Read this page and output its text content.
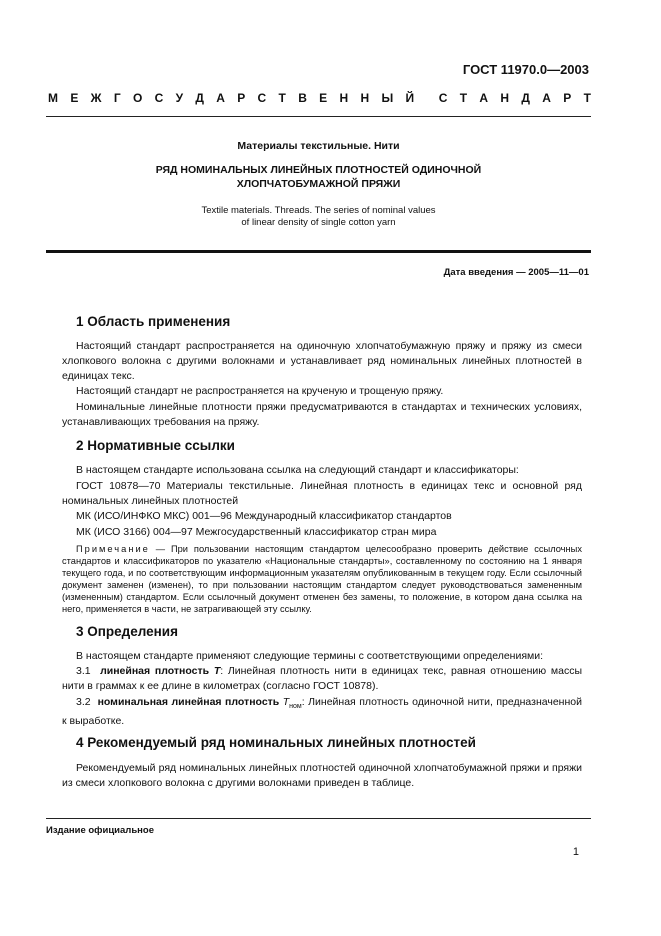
ГОСТ 11970.0—2003
М Е Ж Г О С У Д А Р С Т В Е Н Н Ы Й С Т А Н Д А Р Т
Материалы текстильные. Нити
РЯД НОМИНАЛЬНЫХ ЛИНЕЙНЫХ ПЛОТНОСТЕЙ ОДИНОЧНОЙ
ХЛОПЧАТОБУМАЖНОЙ ПРЯЖИ
Textile materials. Threads. The series of nominal values
of linear density of single cotton yarn
Дата введения — 2005—11—01
1 Область применения
Настоящий стандарт распространяется на одиночную хлопчатобумажную пряжу и пряжу из смеси хлопкового волокна с другими волокнами и устанавливает ряд номинальных линейных плотностей в единицах текс.
Настоящий стандарт не распространяется на крученую и трощеную пряжу.
Номинальные линейные плотности пряжи предусматриваются в стандартах и технических условиях, устанавливающих требования на пряжу.
2 Нормативные ссылки
В настоящем стандарте использована ссылка на следующий стандарт и классификаторы:
ГОСТ 10878—70 Материалы текстильные. Линейная плотность в единицах текс и основной ряд номинальных линейных плотностей
МК (ИСО/ИНФКО МКС) 001—96 Международный классификатор стандартов
МК (ИСО 3166) 004—97 Межгосударственный классификатор стран мира
Примечание — При пользовании настоящим стандартом целесообразно проверить действие ссылочных стандартов и классификаторов по указателю «Национальные стандарты», составленному по состоянию на 1 января текущего года, и по соответствующим информационным указателям опубликованным в текущем году. Если ссылочный документ заменен (изменен), то при пользовании настоящим стандартом следует руководствоваться замененным (измененным) стандартом. Если ссылочный документ отменен без замены, то положение, в котором дана ссылка на него, применяется в части, не затрагивающей эту ссылку.
3 Определения
В настоящем стандарте применяют следующие термины с соответствующими определениями:
3.1 линейная плотность T: Линейная плотность нити в единицах текс, равная отношению массы нити в граммах к ее длине в километрах (согласно ГОСТ 10878).
3.2 номинальная линейная плотность $T_{ном}$: Линейная плотность одиночной нити, предназначенной к выработке.
4 Рекомендуемый ряд номинальных линейных плотностей
Рекомендуемый ряд номинальных линейных плотностей одиночной хлопчатобумажной пряжи и пряжи из смеси хлопкового волокна с другими волокнами приведен в таблице.
Издание официальное
1
